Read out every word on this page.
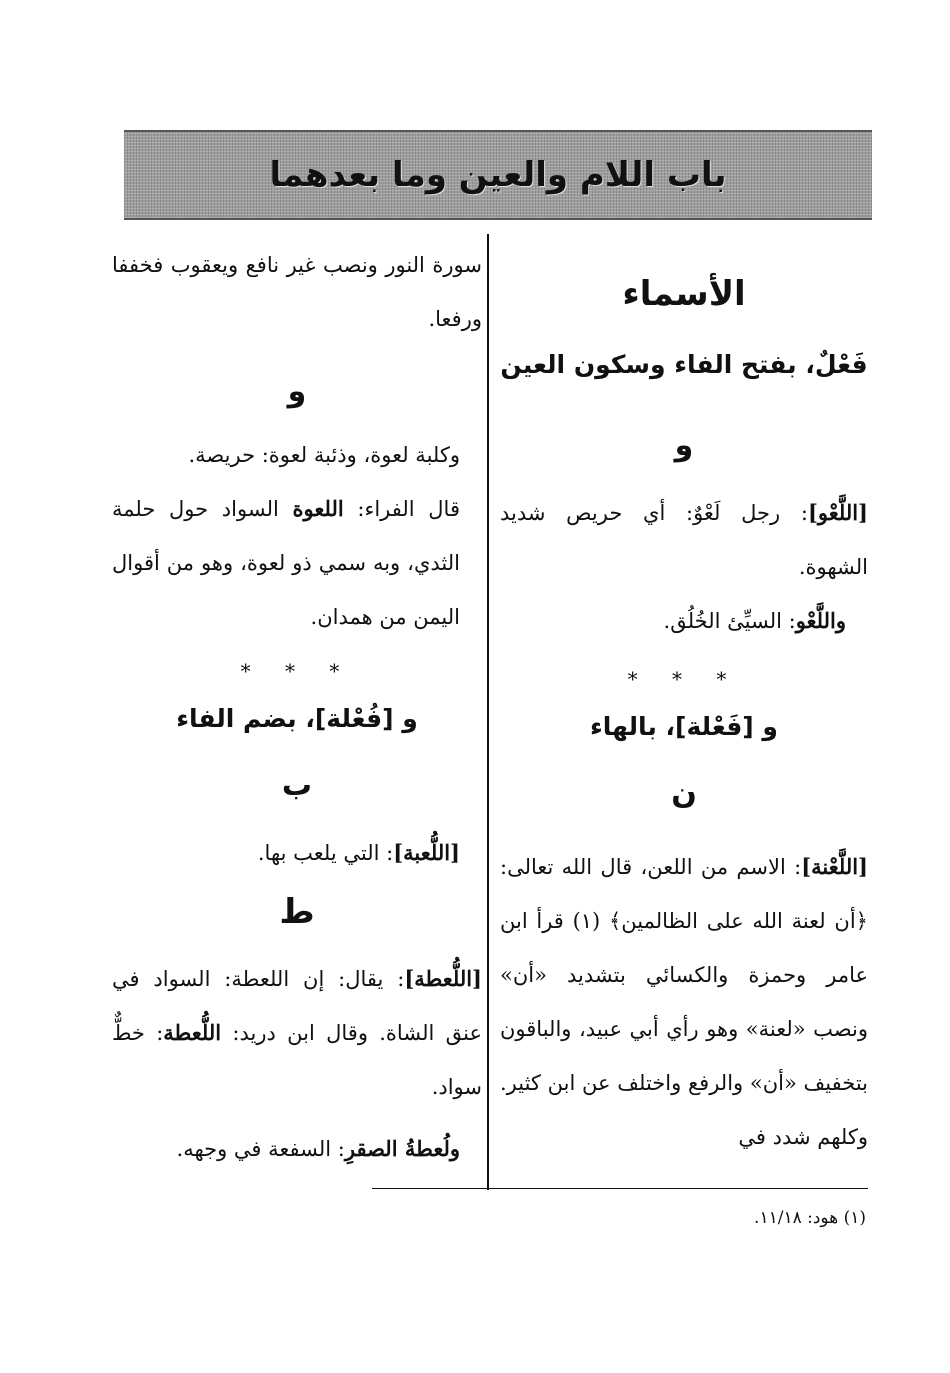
باب اللام والعين وما بعدهما
الأسماء
فَعْلٌ، بفتح الفاء وسكون العين

و

[اللَّعْو]: رجل لَعْوٌ: أي حريص شديد الشهوة.

واللَّعْو: السيِّئ الخُلُق.

* * *

و [فَعْلة]، بالهاء

ن

[اللَّعْنة]: الاسم من اللعن، قال الله تعالى: ﴿أن لعنة الله على الظالمين﴾ (١) قرأ ابن عامر وحمزة والكسائي بتشديد «أن» ونصب «لعنة» وهو رأي أبي عبيد، والباقون بتخفيف «أن» والرفع واختلف عن ابن كثير. وكلهم شدد في

سورة النور ونصب غير نافع ويعقوب فخففا ورفعا.

و

وكلبة لعوة، وذئبة لعوة: حريصة.

قال الفراء: اللعوة السواد حول حلمة الثدي، وبه سمي ذو لعوة، وهو من أقوال اليمن من همدان.

* * *

و [فُعْلة]، بضم الفاء

ب

[اللُّعبة]: التي يلعب بها.

ط

[اللُّعطة]: يقال: إن اللعطة: السواد في عنق الشاة. وقال ابن دريد: اللُّعطة: خطٌّ سواد.

ولُعطةُ الصقرِ: السفعة في وجهه.

(١) هود: ١١/١٨.
